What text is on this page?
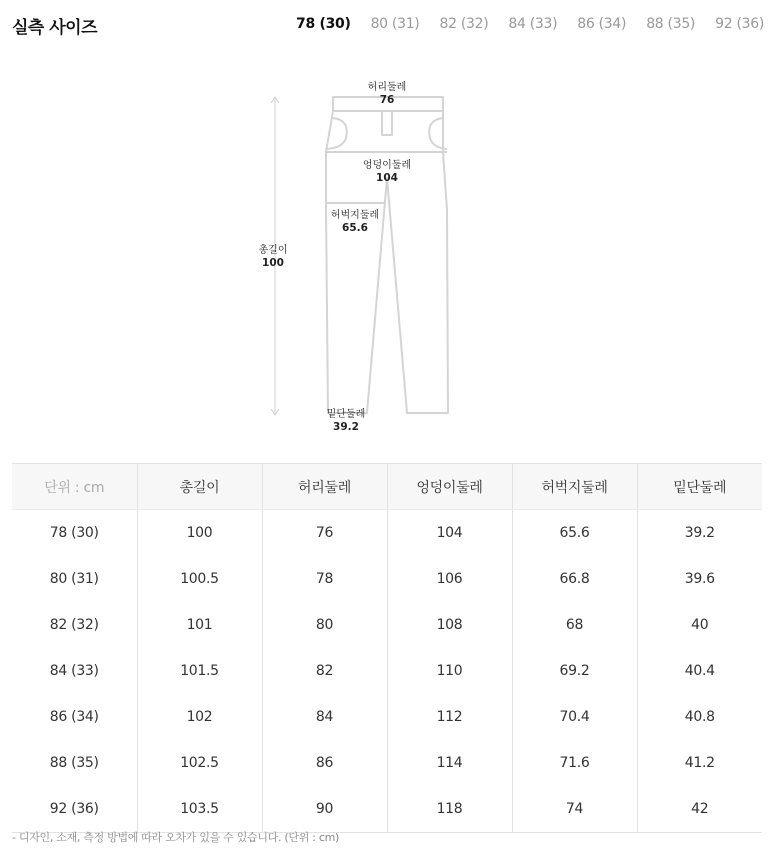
실측 사이즈	78 (30) 80 (31) 82 (32) 84 (33) 86 (34) 88 (35) 92 (36)
허리둘레
76
엉덩이둘레
104
허벅지둘레
65.6
총길이
100
밑단둘레
39.2
단위 : cm	총길이	허리둘레	엉덩이둘레	허벅지둘레	밑단둘레
78 (30)	100	76	104	65.6	39.2
80 (31)	100.5	78	106	66.8	39.6
82 (32)	101	80	108	68	40
84 (33)	101.5	82	110	69.2	40.4
86 (34)	102	84	112	70.4	40.8
88 (35)	102.5	86	114	71.6	41.2
92 (36)	103.5	90	118	74	42
- 디자인, 소재, 측정 방법에 따라 오차가 있을 수 있습니다. (단위 : cm)
